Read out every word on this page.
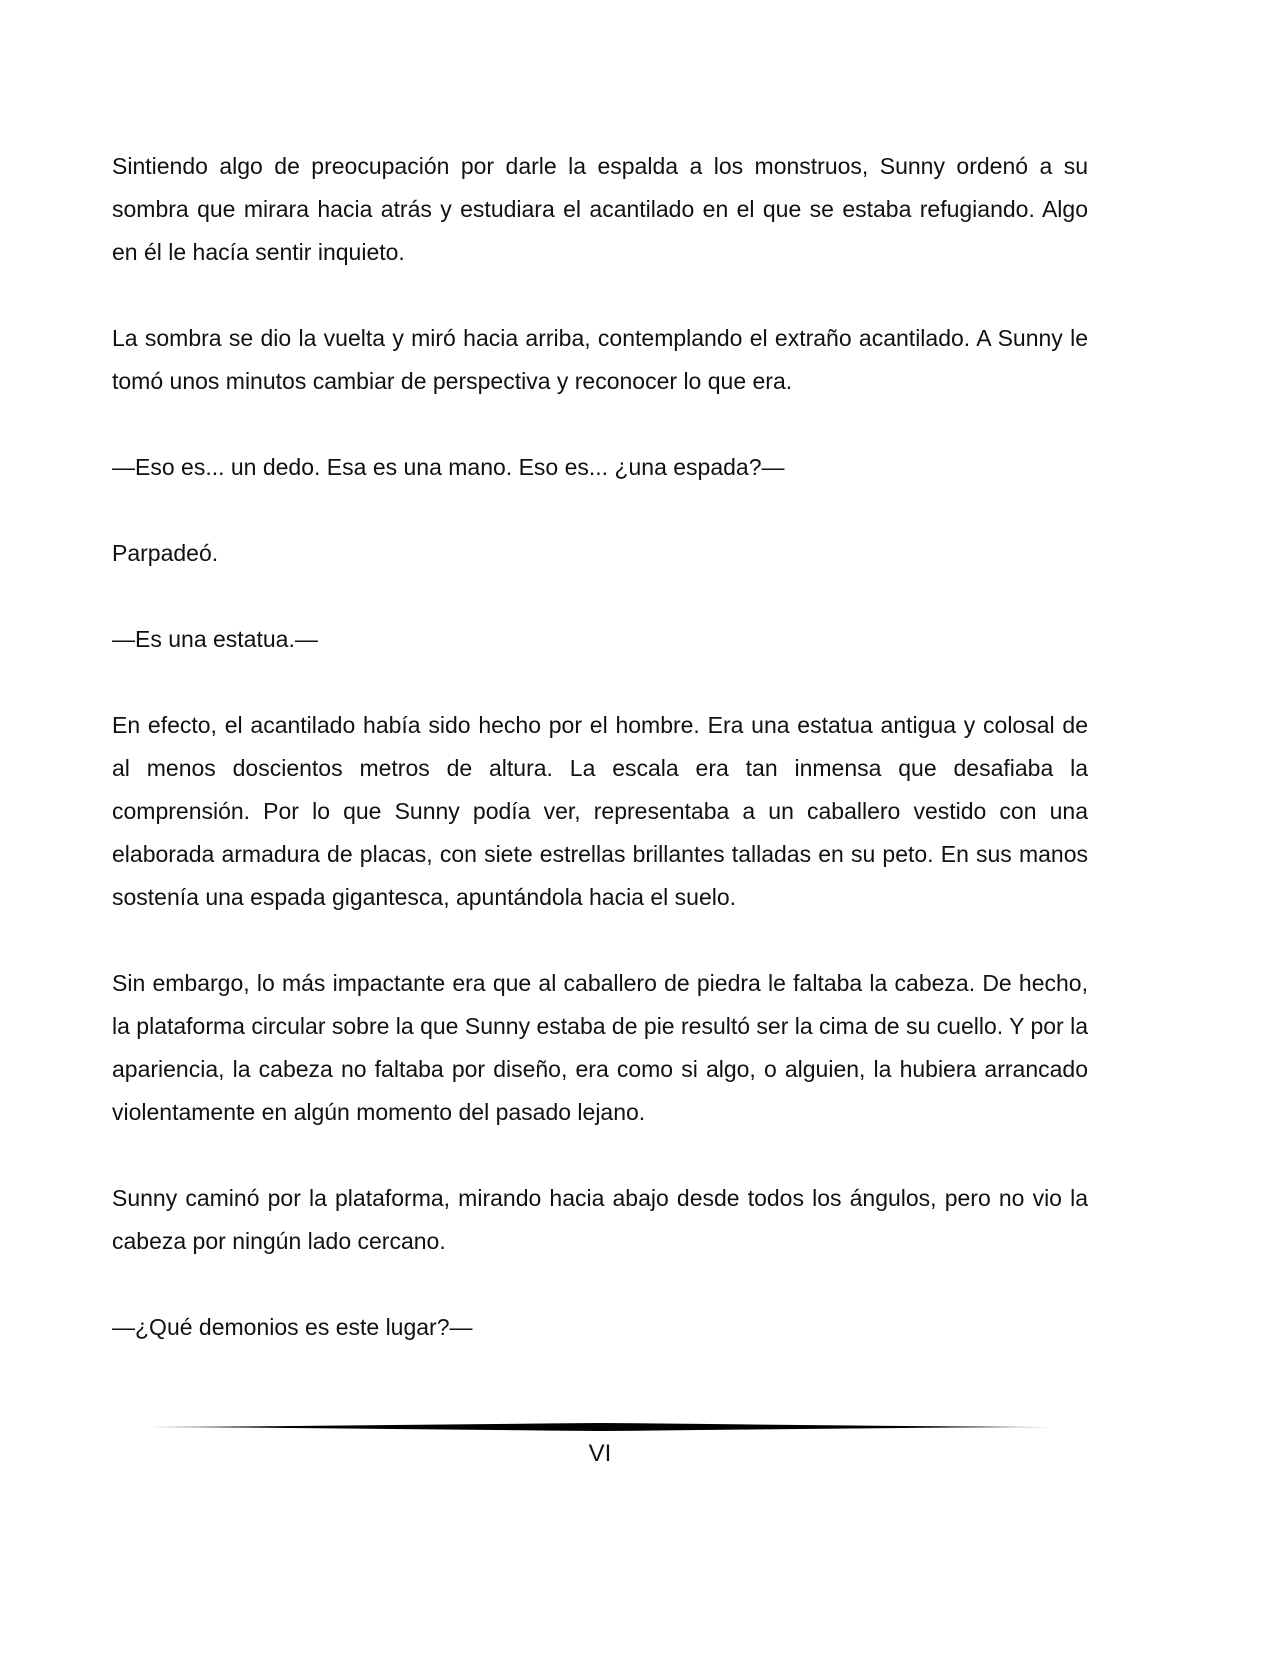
Sintiendo algo de preocupación por darle la espalda a los monstruos, Sunny ordenó a su sombra que mirara hacia atrás y estudiara el acantilado en el que se estaba refugiando. Algo en él le hacía sentir inquieto.

La sombra se dio la vuelta y miró hacia arriba, contemplando el extraño acantilado. A Sunny le tomó unos minutos cambiar de perspectiva y reconocer lo que era.

—Eso es... un dedo. Esa es una mano. Eso es... ¿una espada?—

Parpadeó.

—Es una estatua.—

En efecto, el acantilado había sido hecho por el hombre. Era una estatua antigua y colosal de al menos doscientos metros de altura. La escala era tan inmensa que desafiaba la comprensión. Por lo que Sunny podía ver, representaba a un caballero vestido con una elaborada armadura de placas, con siete estrellas brillantes talladas en su peto. En sus manos sostenía una espada gigantesca, apuntándola hacia el suelo.

Sin embargo, lo más impactante era que al caballero de piedra le faltaba la cabeza. De hecho, la plataforma circular sobre la que Sunny estaba de pie resultó ser la cima de su cuello. Y por la apariencia, la cabeza no faltaba por diseño, era como si algo, o alguien, la hubiera arrancado violentamente en algún momento del pasado lejano.

Sunny caminó por la plataforma, mirando hacia abajo desde todos los ángulos, pero no vio la cabeza por ningún lado cercano.

—¿Qué demonios es este lugar?—

VI
